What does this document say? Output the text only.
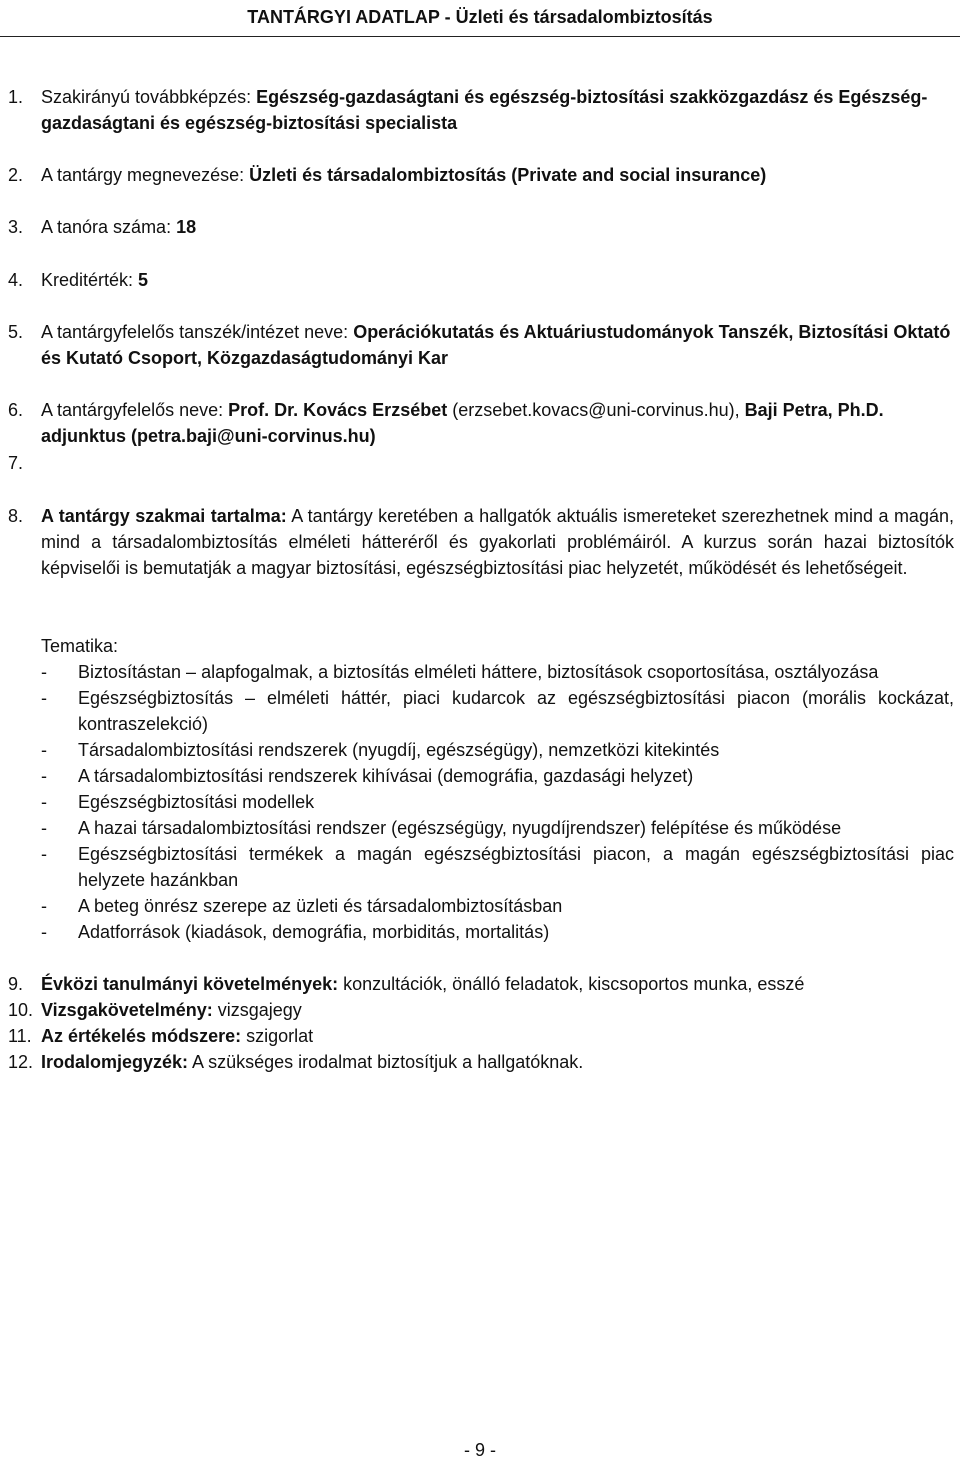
TANTÁRGYI ADATLAP - Üzleti és társadalombiztosítás
1. Szakirányú továbbképzés: Egészség-gazdaságtani és egészség-biztosítási szakközgazdász és Egészség-gazdaságtani és egészség-biztosítási specialista
2. A tantárgy megnevezése: Üzleti és társadalombiztosítás (Private and social insurance)
3. A tanóra száma: 18
4. Kreditérték: 5
5. A tantárgyfelelős tanszék/intézet neve: Operációkutatás és Aktuáriustudományok Tanszék, Biztosítási Oktató és Kutató Csoport, Közgazdaságtudományi Kar
6. A tantárgyfelelős neve: Prof. Dr. Kovács Erzsébet (erzsebet.kovacs@uni-corvinus.hu), Baji Petra, Ph.D. adjunktus (petra.baji@uni-corvinus.hu)
7.
8. A tantárgy szakmai tartalma: A tantárgy keretében a hallgatók aktuális ismereteket szerezhetnek mind a magán, mind a társadalombiztosítás elméleti hátteréről és gyakorlati problémáiról. A kurzus során hazai biztosítók képviselői is bemutatják a magyar biztosítási, egészségbiztosítási piac helyzetét, működését és lehetőségeit.
Tematika:
- Biztosítástan – alapfogalmak, a biztosítás elméleti háttere, biztosítások csoportosítása, osztályozása
- Egészségbiztosítás – elméleti háttér, piaci kudarcok az egészségbiztosítási piacon (morális kockázat, kontraszelekció)
- Társadalombiztosítási rendszerek (nyugdíj, egészségügy), nemzetközi kitekintés
- A társadalombiztosítási rendszerek kihívásai (demográfia, gazdasági helyzet)
- Egészségbiztosítási modellek
- A hazai társadalombiztosítási rendszer (egészségügy, nyugdíjrendszer) felépítése és működése
- Egészségbiztosítási termékek a magán egészségbiztosítási piacon, a magán egészségbiztosítási piac helyzete hazánkban
- A beteg önrész szerepe az üzleti és társadalombiztosításban
- Adatforrások (kiadások, demográfia, morbiditás, mortalitás)
9. Évközi tanulmányi követelmények: konzultációk, önálló feladatok, kiscsoportos munka, esszé
10. Vizsgakövetelmény: vizsgajegy
11. Az értékelés módszere: szigorlat
12. Irodalomjegyzék: A szükséges irodalmat biztosítjuk a hallgatóknak.
- 9 -
